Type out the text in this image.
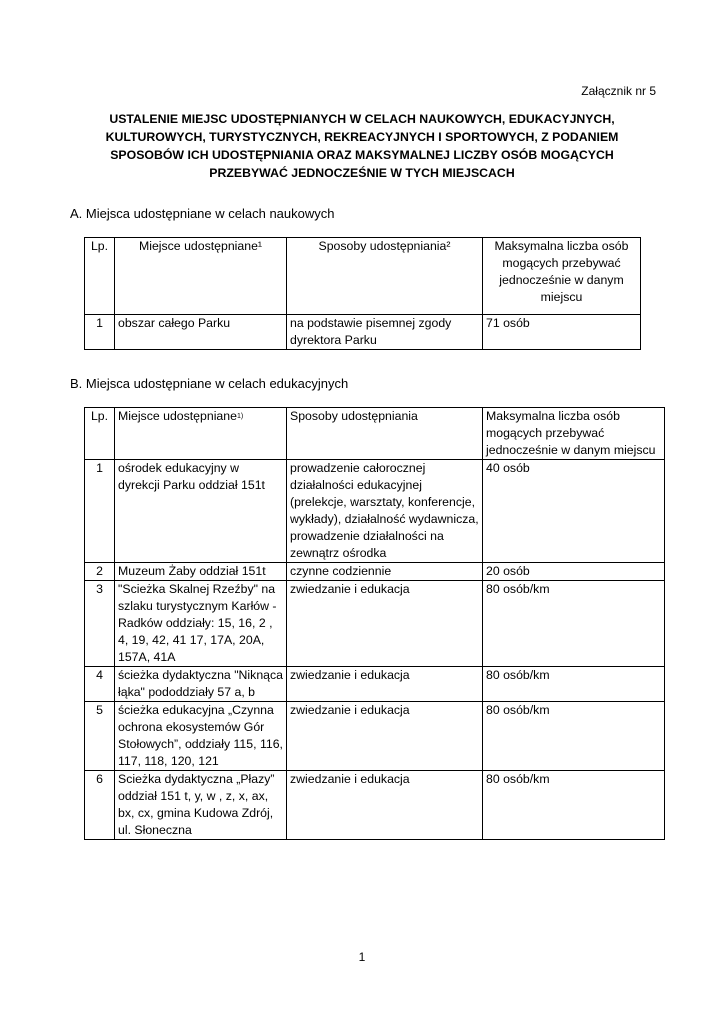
Załącznik nr 5
USTALENIE MIEJSC UDOSTĘPNIANYCH W CELACH NAUKOWYCH, EDUKACYJNYCH,
KULTUROWYCH, TURYSTYCZNYCH, REKREACYJNYCH I SPORTOWYCH, Z PODANIEM
SPOSOBÓW ICH UDOSTĘPNIANIA ORAZ MAKSYMALNEJ LICZBY OSÓB MOGĄCYCH
PRZEBYWAĆ JEDNOCZEŚNIE W TYCH MIEJSCACH
A. Miejsca udostępniane w celach naukowych
Lp.	Miejsce udostępniane¹	Sposoby udostępniania²	Maksymalna liczba osób mogących przebywać jednocześnie w danym miejscu
1	obszar całego Parku	na podstawie pisemnej zgody dyrektora Parku	71 osób
B. Miejsca udostępniane w celach edukacyjnych
Lp.	Miejsce udostępniane$^{1)}$	Sposoby udostępniania	Maksymalna liczba osób mogących przebywać jednocześnie w danym miejscu
1	ośrodek edukacyjny w dyrekcji Parku oddział 151t	prowadzenie całorocznej działalności edukacyjnej (prelekcje, warsztaty, konferencje, wykłady), działalność wydawnicza, prowadzenie działalności na zewnątrz ośrodka	40 osób
2	Muzeum Żaby oddział 151t	czynne codziennie	20 osób
3	"Scieżka Skalnej Rzeźby" na szlaku turystycznym Karłów - Radków oddziały: 15, 16, 2 , 4, 19, 42, 41 17, 17A, 20A, 157A, 41A	zwiedzanie i edukacja	80 osób/km
4	ścieżka dydaktyczna "Niknąca łąka" pododdziały 57 a, b	zwiedzanie i edukacja	80 osób/km
5	ścieżka edukacyjna „Czynna ochrona ekosystemów Gór Stołowych”, oddziały 115, 116, 117, 118, 120, 121	zwiedzanie i edukacja	80 osób/km
6	Scieżka dydaktyczna „Płazy” oddział 151 t, y, w , z, x, ax, bx, cx, gmina Kudowa Zdrój, ul. Słoneczna	zwiedzanie i edukacja	80 osób/km
1
